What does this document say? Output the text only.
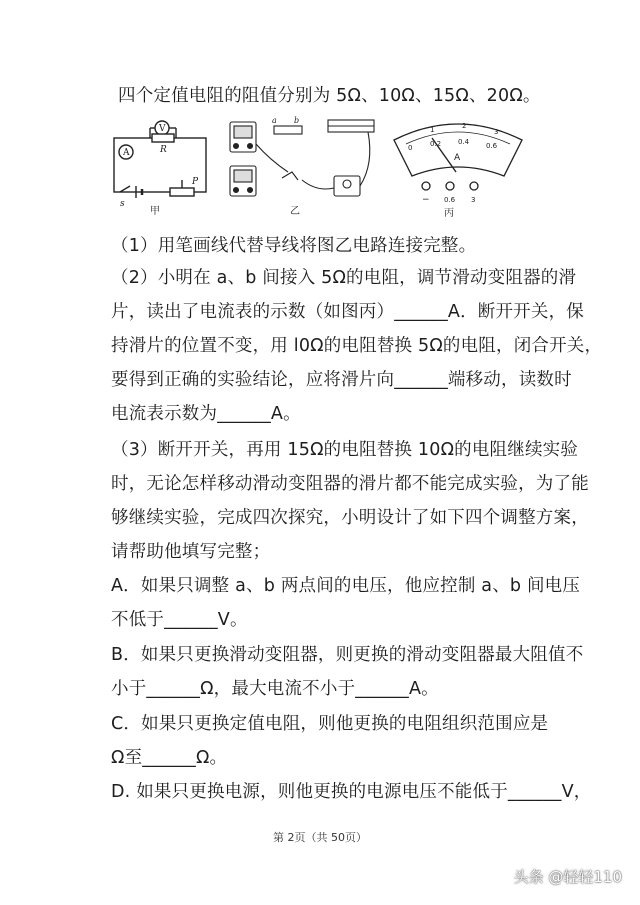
四个定值电阻的阻值分别为 5Ω、10Ω、15Ω、20Ω。
A
V
R
P
s
甲
a b
乙
0	0.2 0.4 0.6
1	2
3
A
− 0.6 3
丙
（1）用笔画线代替导线将图乙电路连接完整。
（2）小明在 a、b 间接入 5Ω的电阻，调节滑动变阻器的滑
片，读出了电流表的示数（如图丙）______A．断开开关，保
持滑片的位置不变，用 l0Ω的电阻替换 5Ω的电阻，闭合开关，
要得到正确的实验结论，应将滑片向______端移动，读数时
电流表示数为______A。
（3）断开开关，再用 15Ω的电阻替换 10Ω的电阻继续实验
时，无论怎样移动滑动变阻器的滑片都不能完成实验，为了能
够继续实验，完成四次探究，小明设计了如下四个调整方案，
请帮助他填写完整；
A．如果只调整 a、b 两点间的电压，他应控制 a、b 间电压
不低于______V。
B．如果只更换滑动变阻器，则更换的滑动变阻器最大阻值不
小于______Ω，最大电流不小于______A。
C．如果只更换定值电阻，则他更换的电阻组织范围应是
Ω至______Ω。
D. 如果只更换电源，则他更换的电源电压不能低于______V，
第 2页（共 50页）
头条 @轻轻110
